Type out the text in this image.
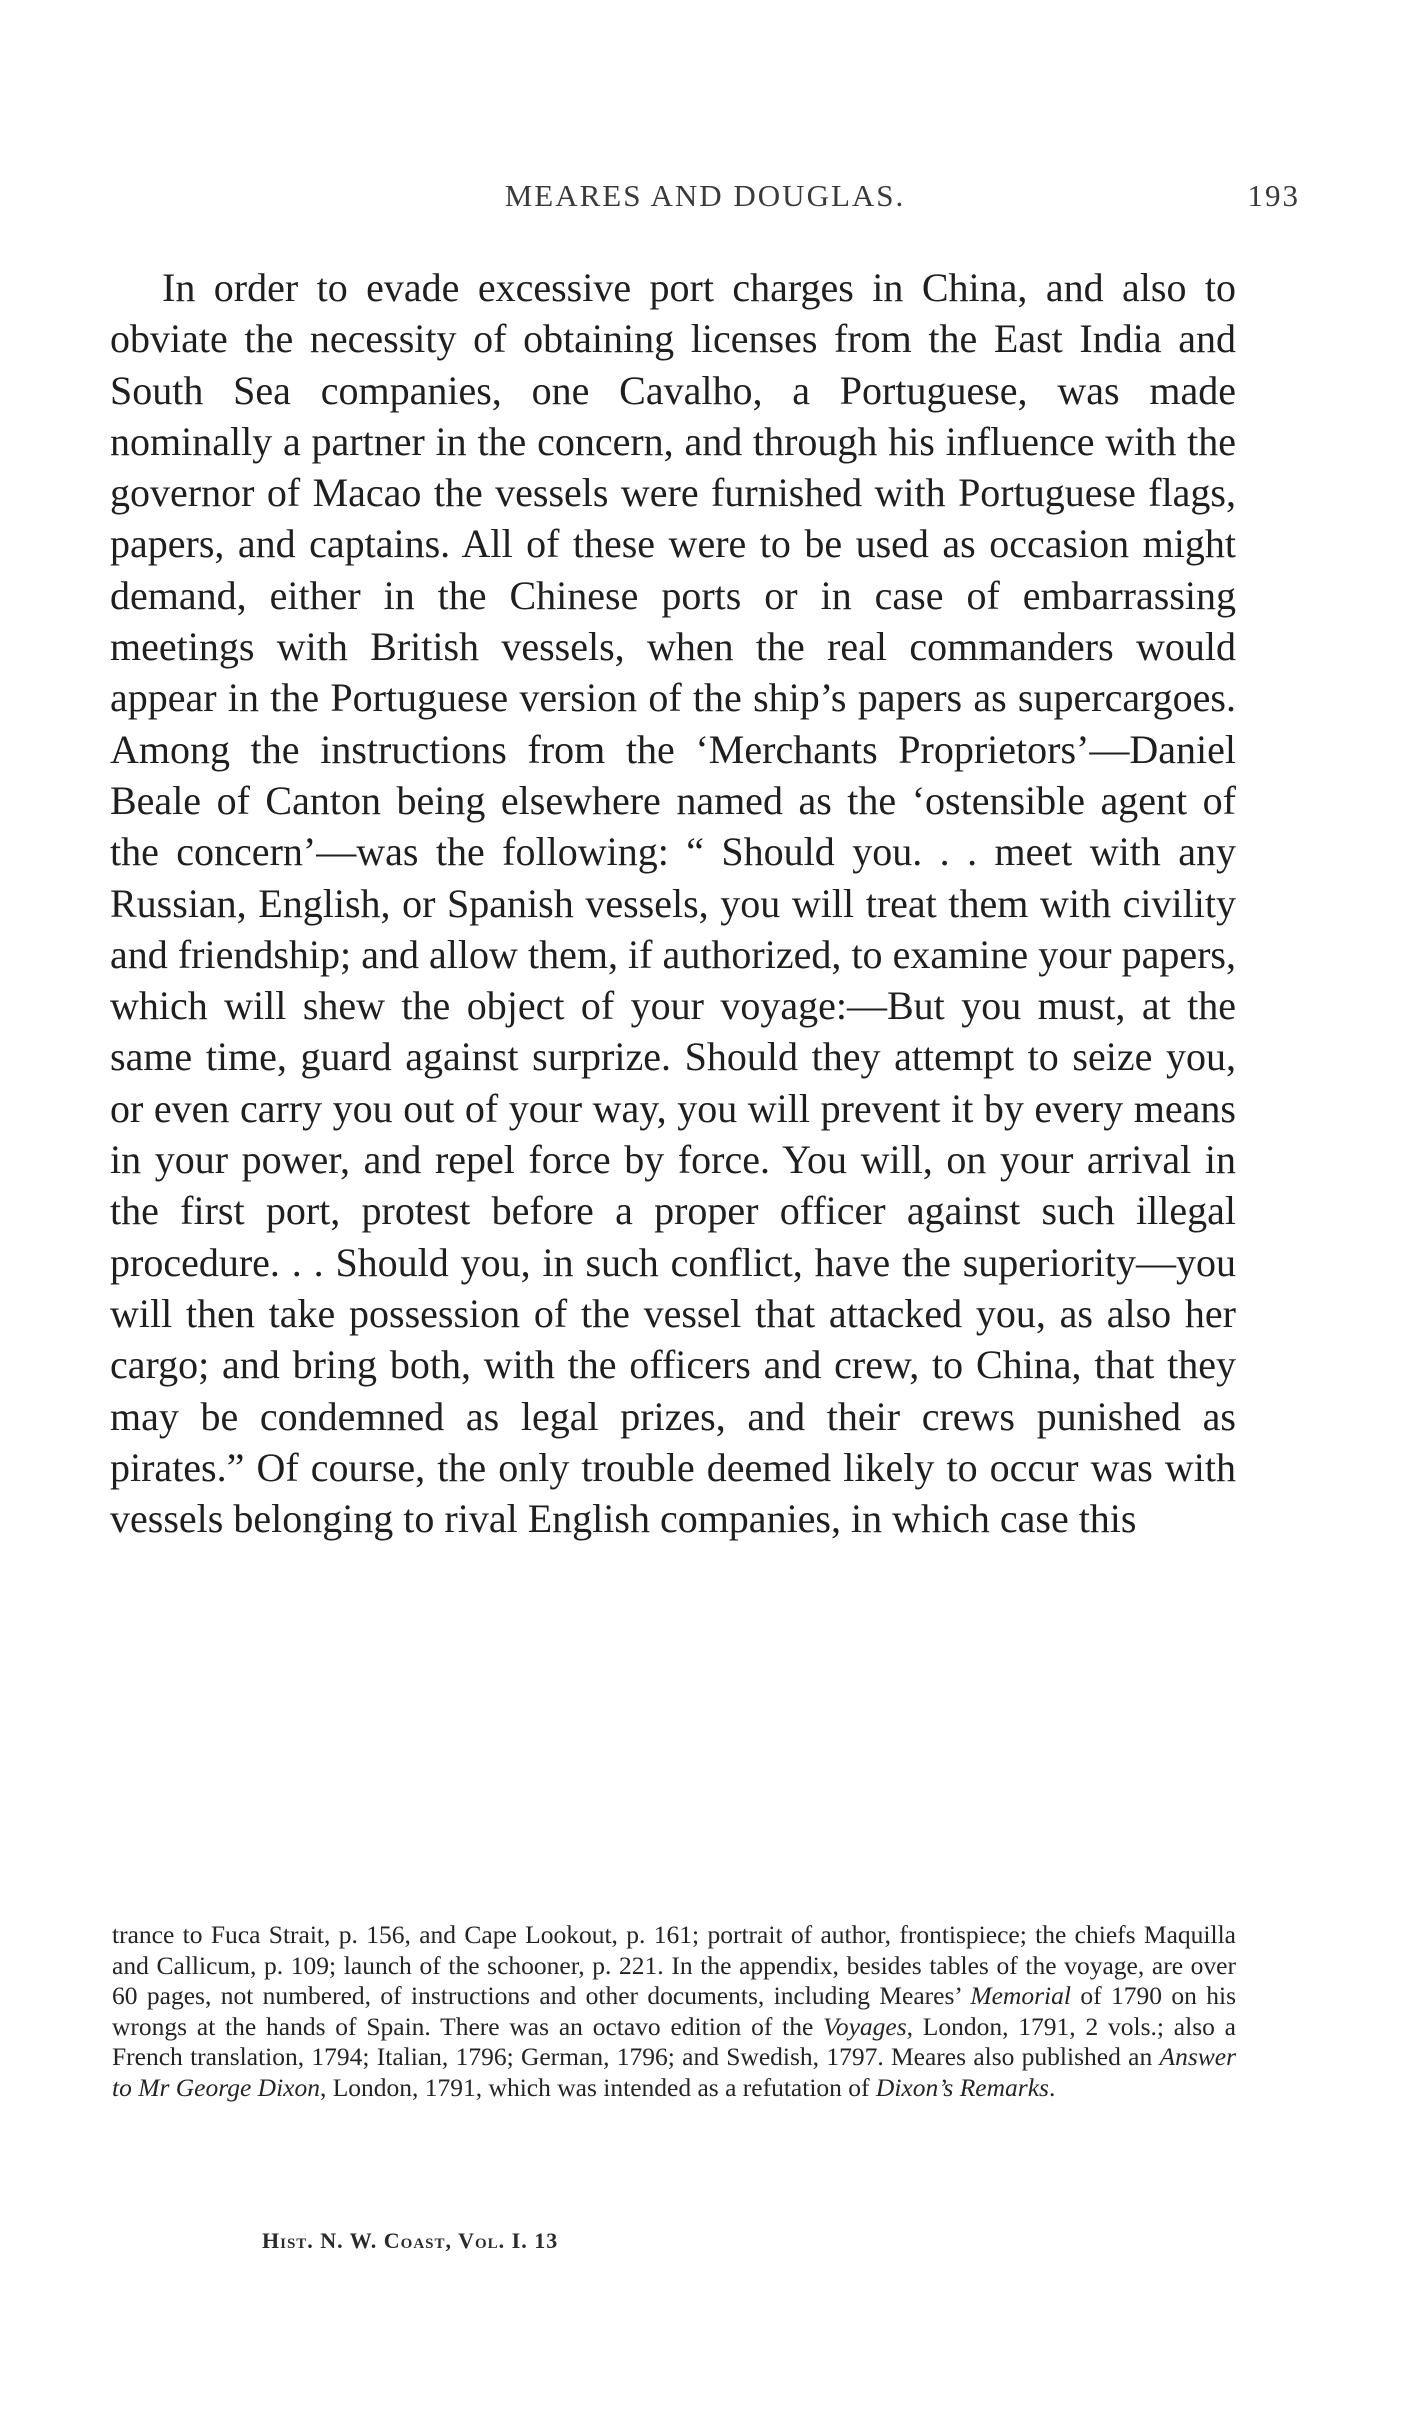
MEARES AND DOUGLAS.	193

In order to evade excessive port charges in China, and also to obviate the necessity of obtaining licenses from the East India and South Sea companies, one Cavalho, a Portuguese, was made nominally a partner in the concern, and through his influence with the governor of Macao the vessels were furnished with Portuguese flags, papers, and captains. All of these were to be used as occasion might demand, either in the Chinese ports or in case of embarrassing meetings with British vessels, when the real commanders would appear in the Portuguese version of the ship’s papers as supercargoes. Among the instructions from the ‘Merchants Proprietors’—Daniel Beale of Canton being elsewhere named as the ‘ostensible agent of the concern’—was the following: “ Should you. . . meet with any Russian, English, or Spanish vessels, you will treat them with civility and friendship; and allow them, if authorized, to examine your papers, which will shew the object of your voyage:—But you must, at the same time, guard against surprize. Should they attempt to seize you, or even carry you out of your way, you will prevent it by every means in your power, and repel force by force. You will, on your arrival in the first port, protest before a proper officer against such illegal procedure. . . Should you, in such conflict, have the superiority—you will then take possession of the vessel that attacked you, as also her cargo; and bring both, with the officers and crew, to China, that they may be condemned as legal prizes, and their crews punished as pirates.” Of course, the only trouble deemed likely to occur was with vessels belonging to rival English companies, in which case this

trance to Fuca Strait, p. 156, and Cape Lookout, p. 161; portrait of author, frontispiece; the chiefs Maquilla and Callicum, p. 109; launch of the schooner, p. 221. In the appendix, besides tables of the voyage, are over 60 pages, not numbered, of instructions and other documents, including Meares’ Memorial of 1790 on his wrongs at the hands of Spain. There was an octavo edition of the Voyages, London, 1791, 2 vols.; also a French translation, 1794; Italian, 1796; German, 1796; and Swedish, 1797. Meares also published an Answer to Mr George Dixon, London, 1791, which was intended as a refutation of Dixon’s Remarks.

Hist. N. W. Coast, Vol. I. 13
